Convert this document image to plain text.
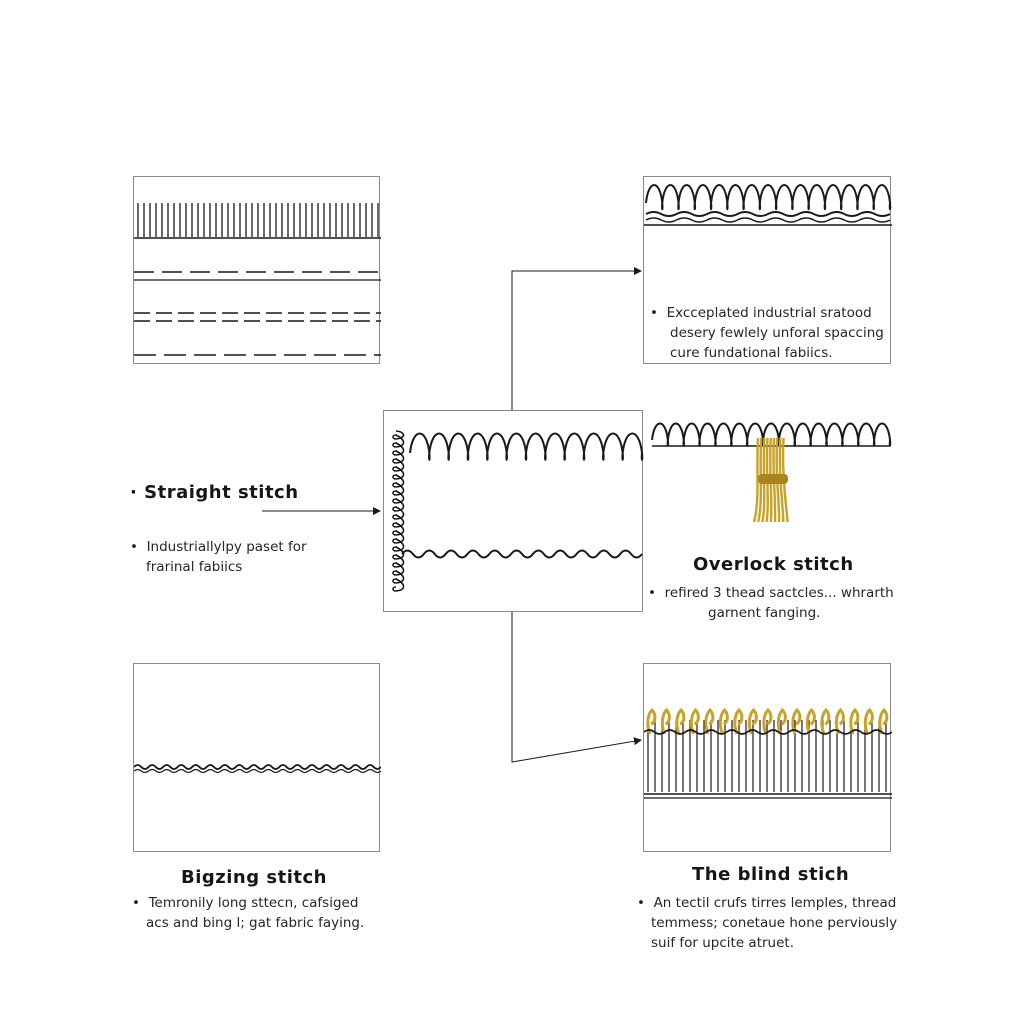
• Excceplated industrial sratood
desery fewlely unforal spaccing
cure fundational fabiics.
· Straight stitch
• Industriallylpy paset for
frarinal fabiics	Overlock stitch
• refired 3 thead sactcles... whrarth
garnent fanging.
Bigzing stitch
• Temronily long sttecn, cafsiged
acs and bing l; gat fabric faying.
The blind stich
• An tectil crufs tirres lemples, thread
temmess; conetaue hone perviously
suif for upcite atruet.
